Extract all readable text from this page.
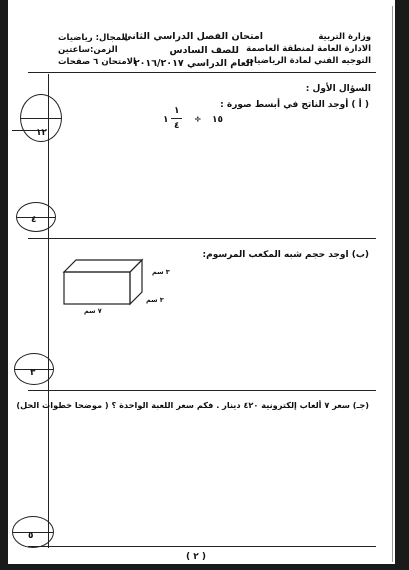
وزارة التربية
الادارة العامة لمنطقة العاصمة
التوجيه الفني لمادة الرياضيات
امتحان الفصل الدراسي الثاني
للصف السادس
العام الدراسي ٢٠١٦/٢٠١٧
المجال: رياضيات
الزمن:ساعتين
الامتحان ٦ صفحات
السؤال الأول :
( أ ) أوجد الناتج في أبسط صورة :
١
١
٤
÷ ١٥
١٢
٤
(ب) اوجد حجم شبه المكعب المرسوم:
٣ سم
٣ سم
٧ سم
٣
(جـ) سعر ٧ ألعاب إلكترونية ٤٢٠ دينار . فكم سعر اللعبة الواحدة ؟ ( موضحا خطوات الحل)
٥
( ٢ )
